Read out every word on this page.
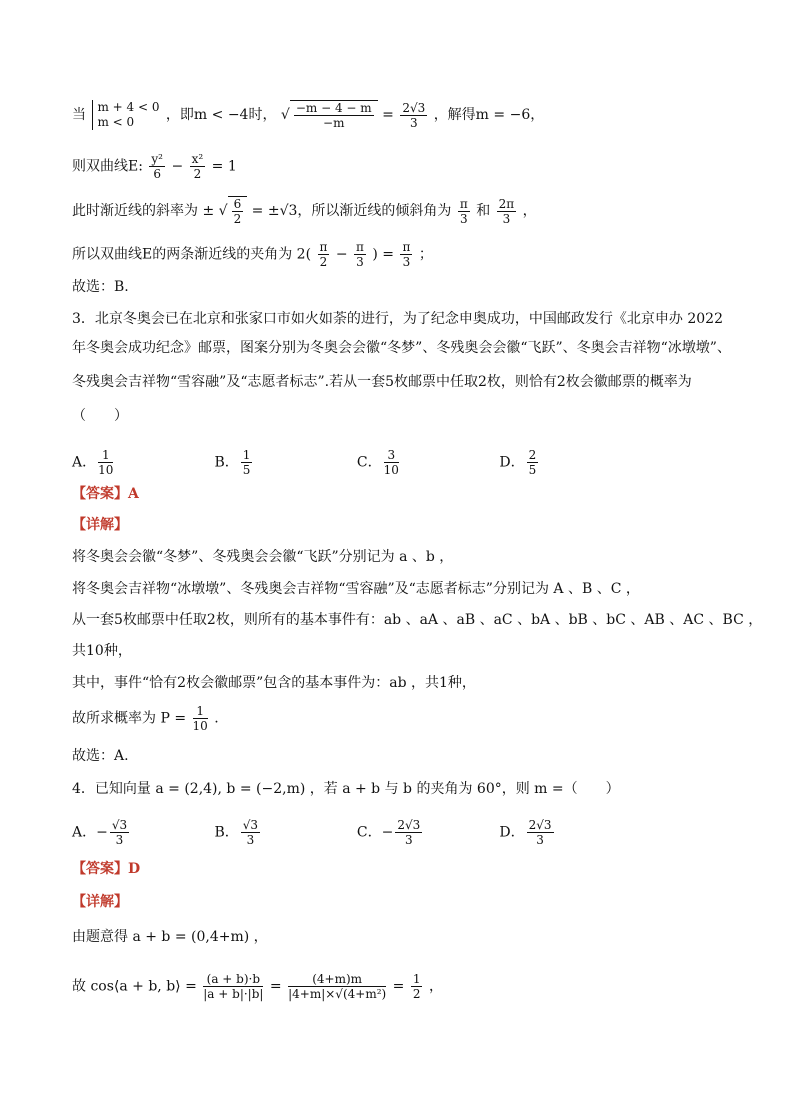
当 m + 4 < 0
m < 0	，即m < −4时， √ $\frac{-m - 4 - m}{-m} = \frac{2√3}{3}$ ，解得m = −6，
则双曲线E: $\frac{\text{y²}}{6} - \frac{\text{x²}}{2} = 1$
此时渐近线的斜率为 ± √ $\frac{6}{2} = \pm√3$，所以渐近线的倾斜角为 $\frac{\pi}{3}$ 和 $\frac{2\pi}{3}$ ，
所以双曲线E的两条渐近线的夹角为 $2( \frac{\pi}{2} - \frac{\pi}{3}$ ) = $\frac{\pi}{3}$ ；
故选：B.
3．北京冬奥会已在北京和张家口市如火如荼的进行，为了纪念申奥成功，中国邮政发行《北京申办 2022
年冬奥会成功纪念》邮票，图案分别为冬奥会会徽“冬梦”、冬残奥会会徽“飞跃”、冬奥会吉祥物“冰墩墩”、
冬残奥会吉祥物“雪容融”及“志愿者标志”.若从一套5枚邮票中任取2枚，则恰有2枚会徽邮票的概率为
（　　）
A． $\frac{1}{10}$	B． $\frac{1}{5}$	C． $\frac{3}{10}$	D． $\frac{2}{5}$
【答案】A
【详解】
将冬奥会会徽“冬梦”、冬残奥会会徽“飞跃”分别记为 a 、b ，
将冬奥会吉祥物“冰墩墩”、冬残奥会吉祥物“雪容融”及“志愿者标志”分别记为 A 、B 、C ，
从一套5枚邮票中任取2枚，则所有的基本事件有：ab 、aA 、aB 、aC 、bA 、bB 、bC 、AB 、AC 、BC ，
共10种，
其中，事件“恰有2枚会徽邮票”包含的基本事件为：ab ，共1种，
故所求概率为 $P = \frac{1}{10}$ .
故选：A.
4．已知向量 a = (2,4), b = (−2,m) ，若 a + b 与 b 的夹角为 60°，则 m =（　　）
A．− $\frac{√3}{3}$	B． $\frac{√3}{3}$	C．− $\frac{2√3}{3}$	D． $\frac{2√3}{3}$
【答案】D
【详解】
由题意得 a + b = (0,4+m) ，
故 cos⟨a + b, b⟩ = $\frac{(a + b)\cdot b}{|a + b|\cdot|b|} = \frac{(4+m)m}{\text{|4+m|×√(4+m²)}} = \frac{1}{2}$ ，
